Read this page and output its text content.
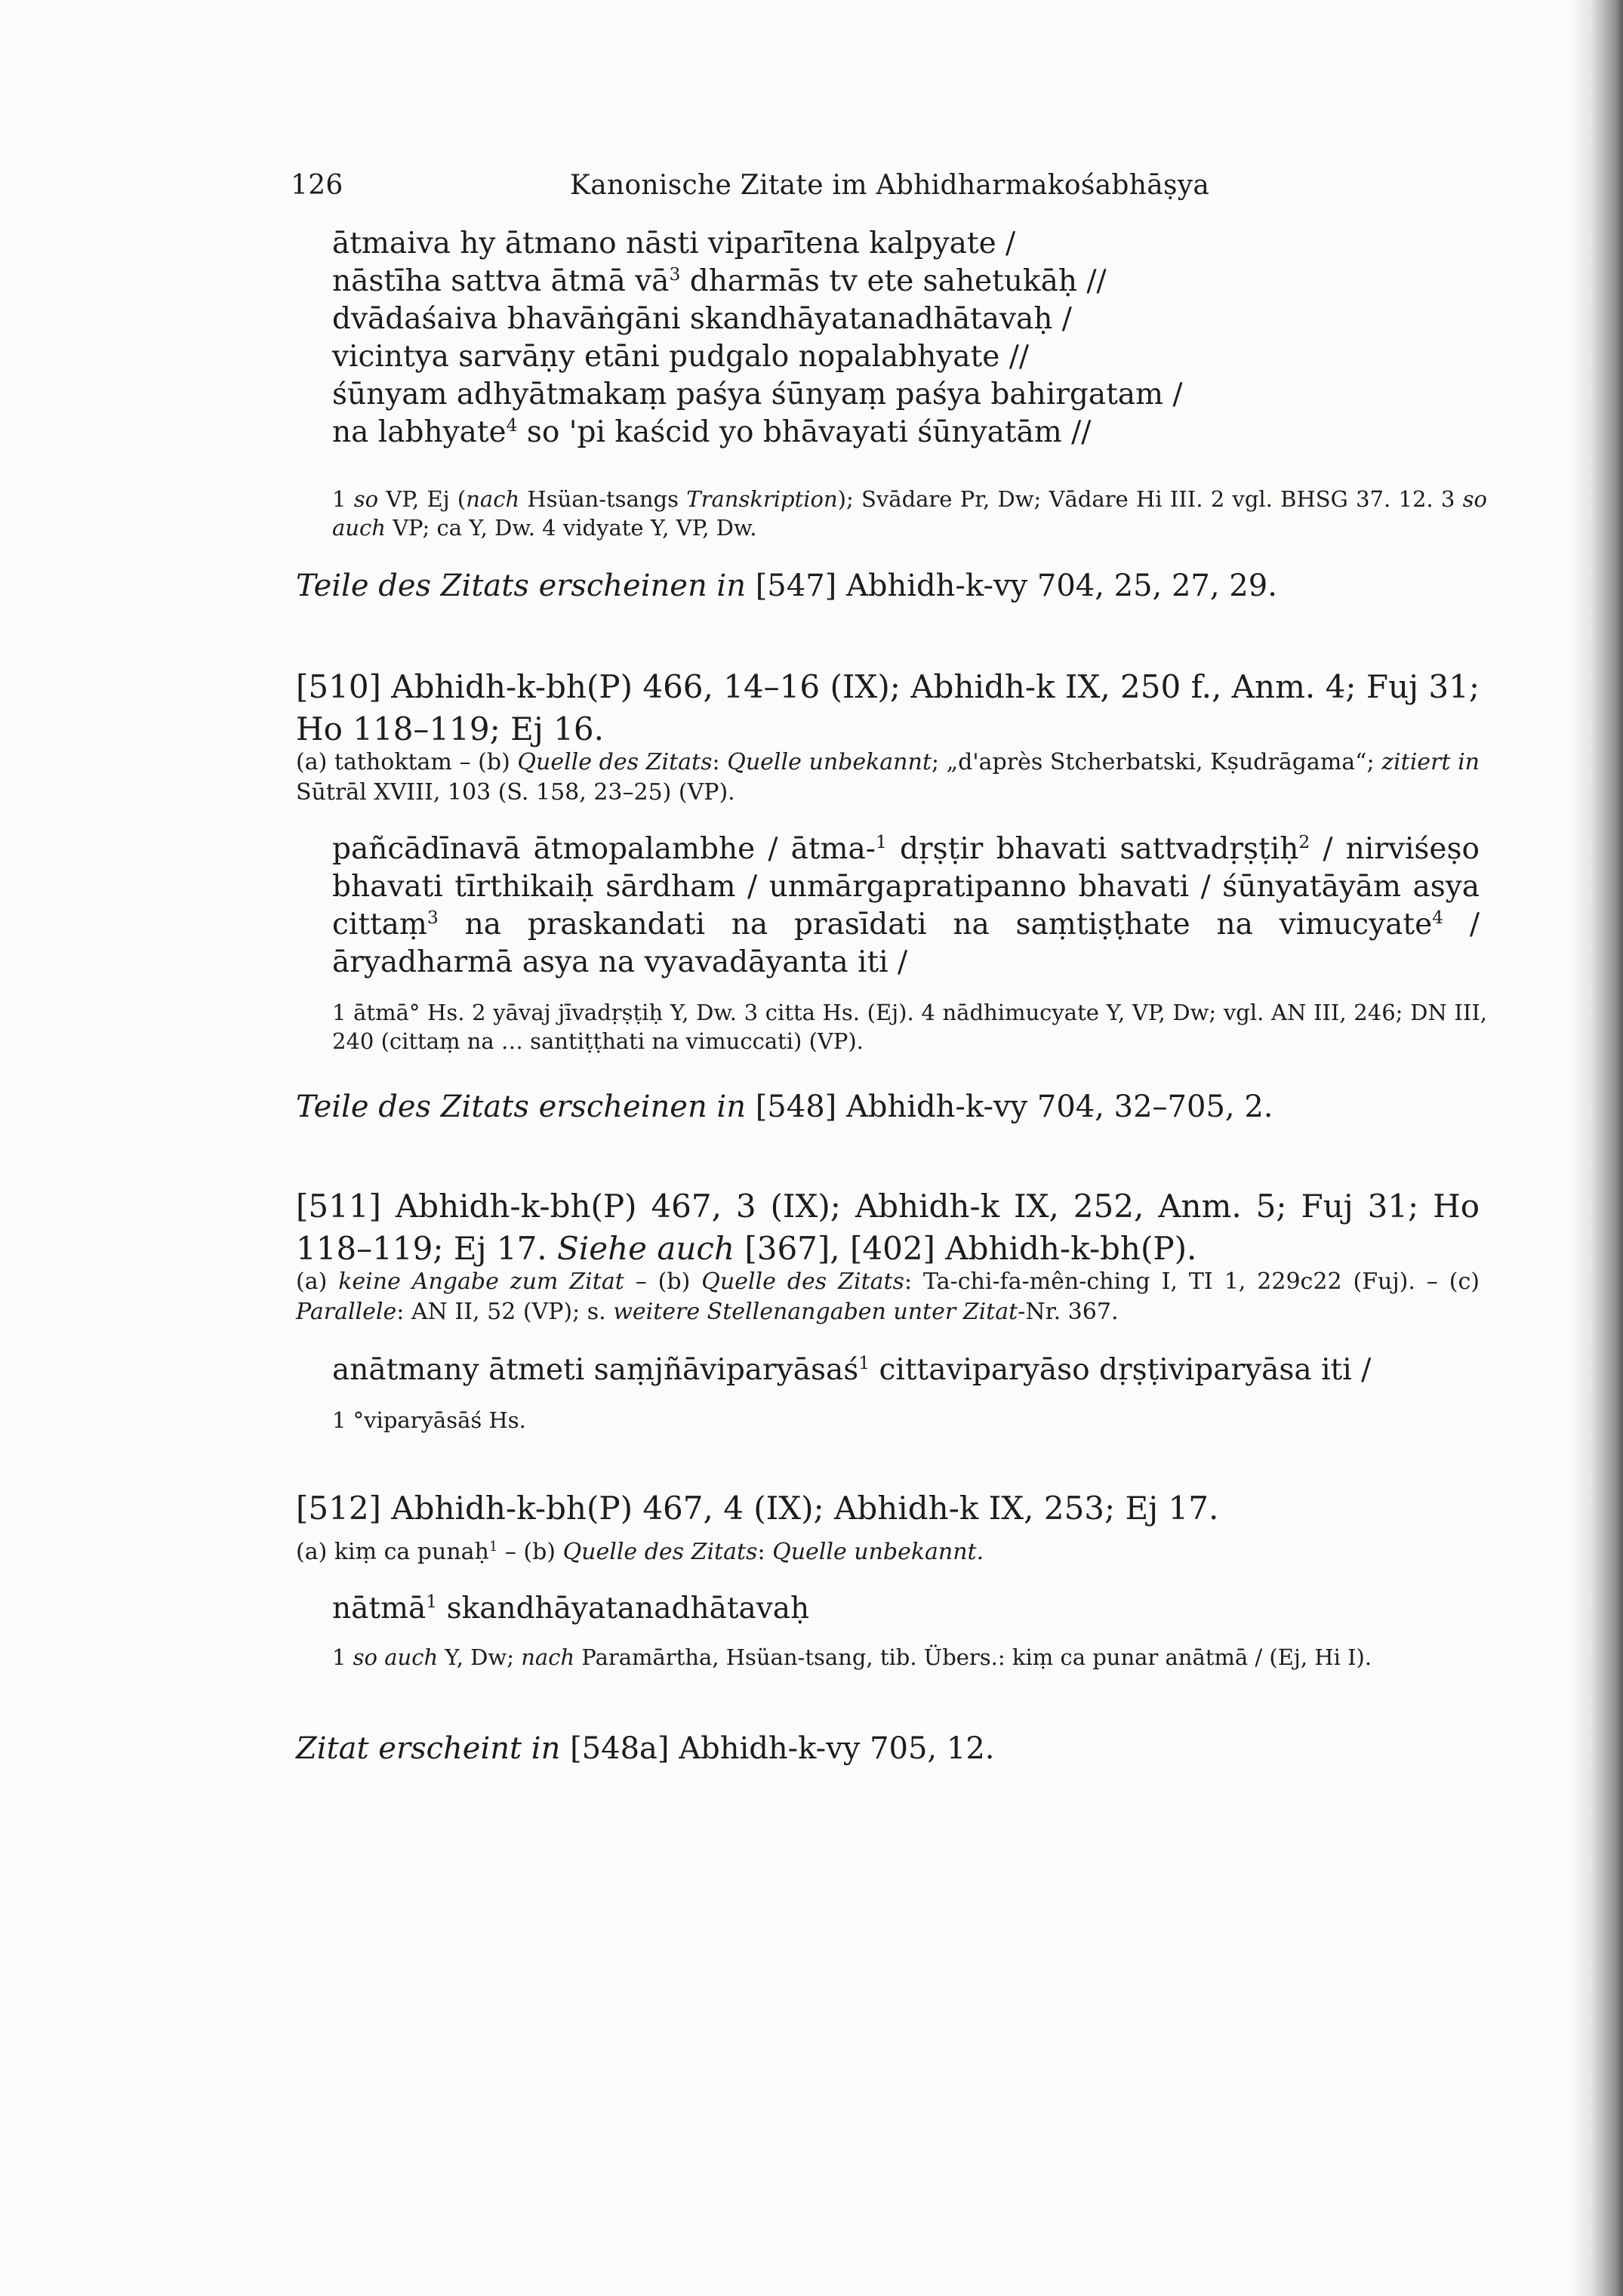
126	Kanonische Zitate im Abhidharmakośabhāṣya
ātmaiva hy ātmano nāsti viparītena kalpyate /
nāstīha sattva ātmā $vā^3$ dharmās tv ete sahetukāḥ //
dvādaśaiva bhavāṅgāni skandhāyatanadhātavaḥ /
vicintya sarvāṇy etāni pudgalo nopalabhyate //
śūnyam adhyātmakaṃ paśya śūnyaṃ paśya bahirgatam /
na labhyate$^4$ so 'pi kaścid yo bhāvayati śūnyatām //
1 so VP, Ej (nach Hsüan-tsangs Transkription); Svādare Pr, Dw; Vādare Hi III. 2 vgl. BHSG 37. 12. 3 so auch VP; ca Y, Dw. 4 vidyate Y, VP, Dw.
Teile des Zitats erscheinen in [547] Abhidh-k-vy 704, 25, 27, 29.
[510] Abhidh-k-bh(P) 466, 14–16 (IX); Abhidh-k IX, 250 f., Anm. 4; Fuj 31; Ho 118–119; Ej 16.
(a) tathoktam – (b) Quelle des Zitats: Quelle unbekannt; „d'après Stcherbatski, Kṣudrāgama“; zitiert in Sūtrāl XVIII, 103 (S. 158, 23–25) (VP).
pañcādīnavā ātmopalambhe / ātma-$^1$ dṛṣṭir bhavati sattvadṛṣṭiḥ$^2$ / nirviśeṣo bhavati tīrthikaiḥ sārdham / unmārgapratipanno bhavati / śūnyatāyām asya cittaṃ$^3$ na praskandati na prasīdati na saṃtiṣṭhate na vimucyate$^4$ / āryadharmā asya na vyavadāyanta iti /
1 ātmā° Hs. 2 yāvaj jīvadṛṣṭiḥ Y, Dw. 3 citta Hs. (Ej). 4 nādhimucyate Y, VP, Dw; vgl. AN III, 246; DN III, 240 (cittaṃ na … santiṭṭhati na vimuccati) (VP).
Teile des Zitats erscheinen in [548] Abhidh-k-vy 704, 32–705, 2.
[511] Abhidh-k-bh(P) 467, 3 (IX); Abhidh-k IX, 252, Anm. 5; Fuj 31; Ho 118–119; Ej 17. Siehe auch [367], [402] Abhidh-k-bh(P).
(a) keine Angabe zum Zitat – (b) Quelle des Zitats: Ta-chi-fa-mên-ching I, TI 1, 229c22 (Fuj). – (c) Parallele: AN II, 52 (VP); s. weitere Stellenangaben unter Zitat-Nr. 367.
anātmany ātmeti saṃjñāviparyāsaś$^1$ cittaviparyāso dṛṣṭiviparyāsa iti /
1 °viparyāsāś Hs.
[512] Abhidh-k-bh(P) 467, 4 (IX); Abhidh-k IX, 253; Ej 17.
(a) kiṃ ca punaḥ$^1$ – (b) Quelle des Zitats: Quelle unbekannt.
nātmā$^1$ skandhāyatanadhātavaḥ
1 so auch Y, Dw; nach Paramārtha, Hsüan-tsang, tib. Übers.: kiṃ ca punar anātmā / (Ej, Hi I).
Zitat erscheint in [548a] Abhidh-k-vy 705, 12.
